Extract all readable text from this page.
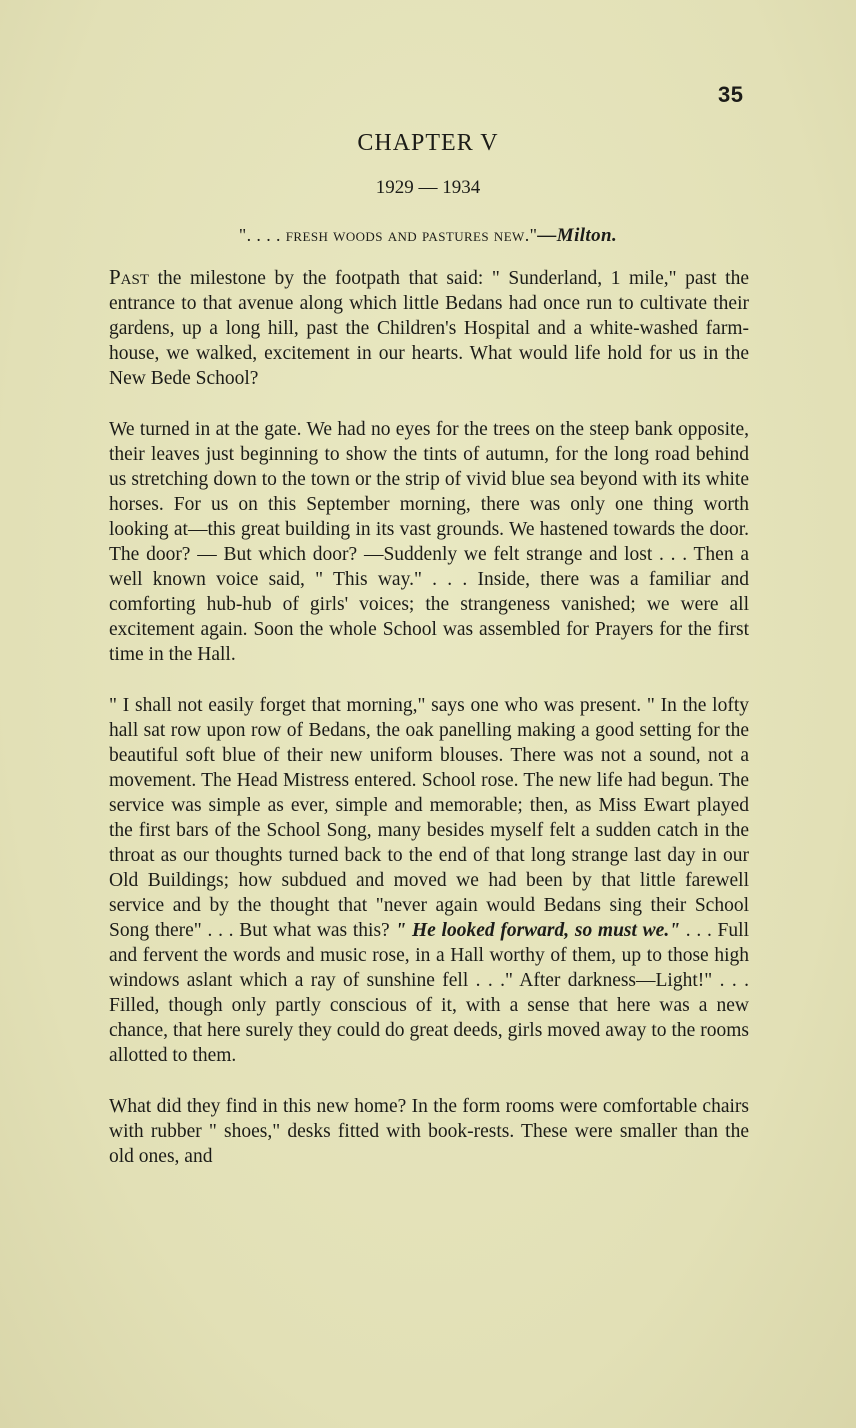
35
CHAPTER V
1929 — 1934
". . . . fresh woods and pastures new."—Milton.

Past the milestone by the footpath that said: " Sunderland, 1 mile," past the entrance to that avenue along which little Bedans had once run to cultivate their gardens, up a long hill, past the Children's Hospital and a white-washed farm-house, we walked, excitement in our hearts. What would life hold for us in the New Bede School?

We turned in at the gate. We had no eyes for the trees on the steep bank opposite, their leaves just beginning to show the tints of autumn, for the long road behind us stretching down to the town or the strip of vivid blue sea beyond with its white horses. For us on this September morning, there was only one thing worth looking at—this great building in its vast grounds. We hastened towards the door. The door? — But which door? —Suddenly we felt strange and lost . . . Then a well known voice said, " This way." . . . Inside, there was a familiar and comforting hub-hub of girls' voices; the strangeness vanished; we were all excitement again. Soon the whole School was assembled for Prayers for the first time in the Hall.

" I shall not easily forget that morning," says one who was present. " In the lofty hall sat row upon row of Bedans, the oak panelling making a good setting for the beautiful soft blue of their new uniform blouses. There was not a sound, not a movement. The Head Mistress entered. School rose. The new life had begun. The service was simple as ever, simple and memorable; then, as Miss Ewart played the first bars of the School Song, many besides myself felt a sudden catch in the throat as our thoughts turned back to the end of that long strange last day in our Old Buildings; how subdued and moved we had been by that little farewell service and by the thought that "never again would Bedans sing their School Song there" . . . But what was this? " He looked forward, so must we." . . . Full and fervent the words and music rose, in a Hall worthy of them, up to those high windows aslant which a ray of sunshine fell . . ." After darkness—Light!" . . . Filled, though only partly conscious of it, with a sense that here was a new chance, that here surely they could do great deeds, girls moved away to the rooms allotted to them.

What did they find in this new home? In the form rooms were comfortable chairs with rubber " shoes," desks fitted with book-rests. These were smaller than the old ones, and
